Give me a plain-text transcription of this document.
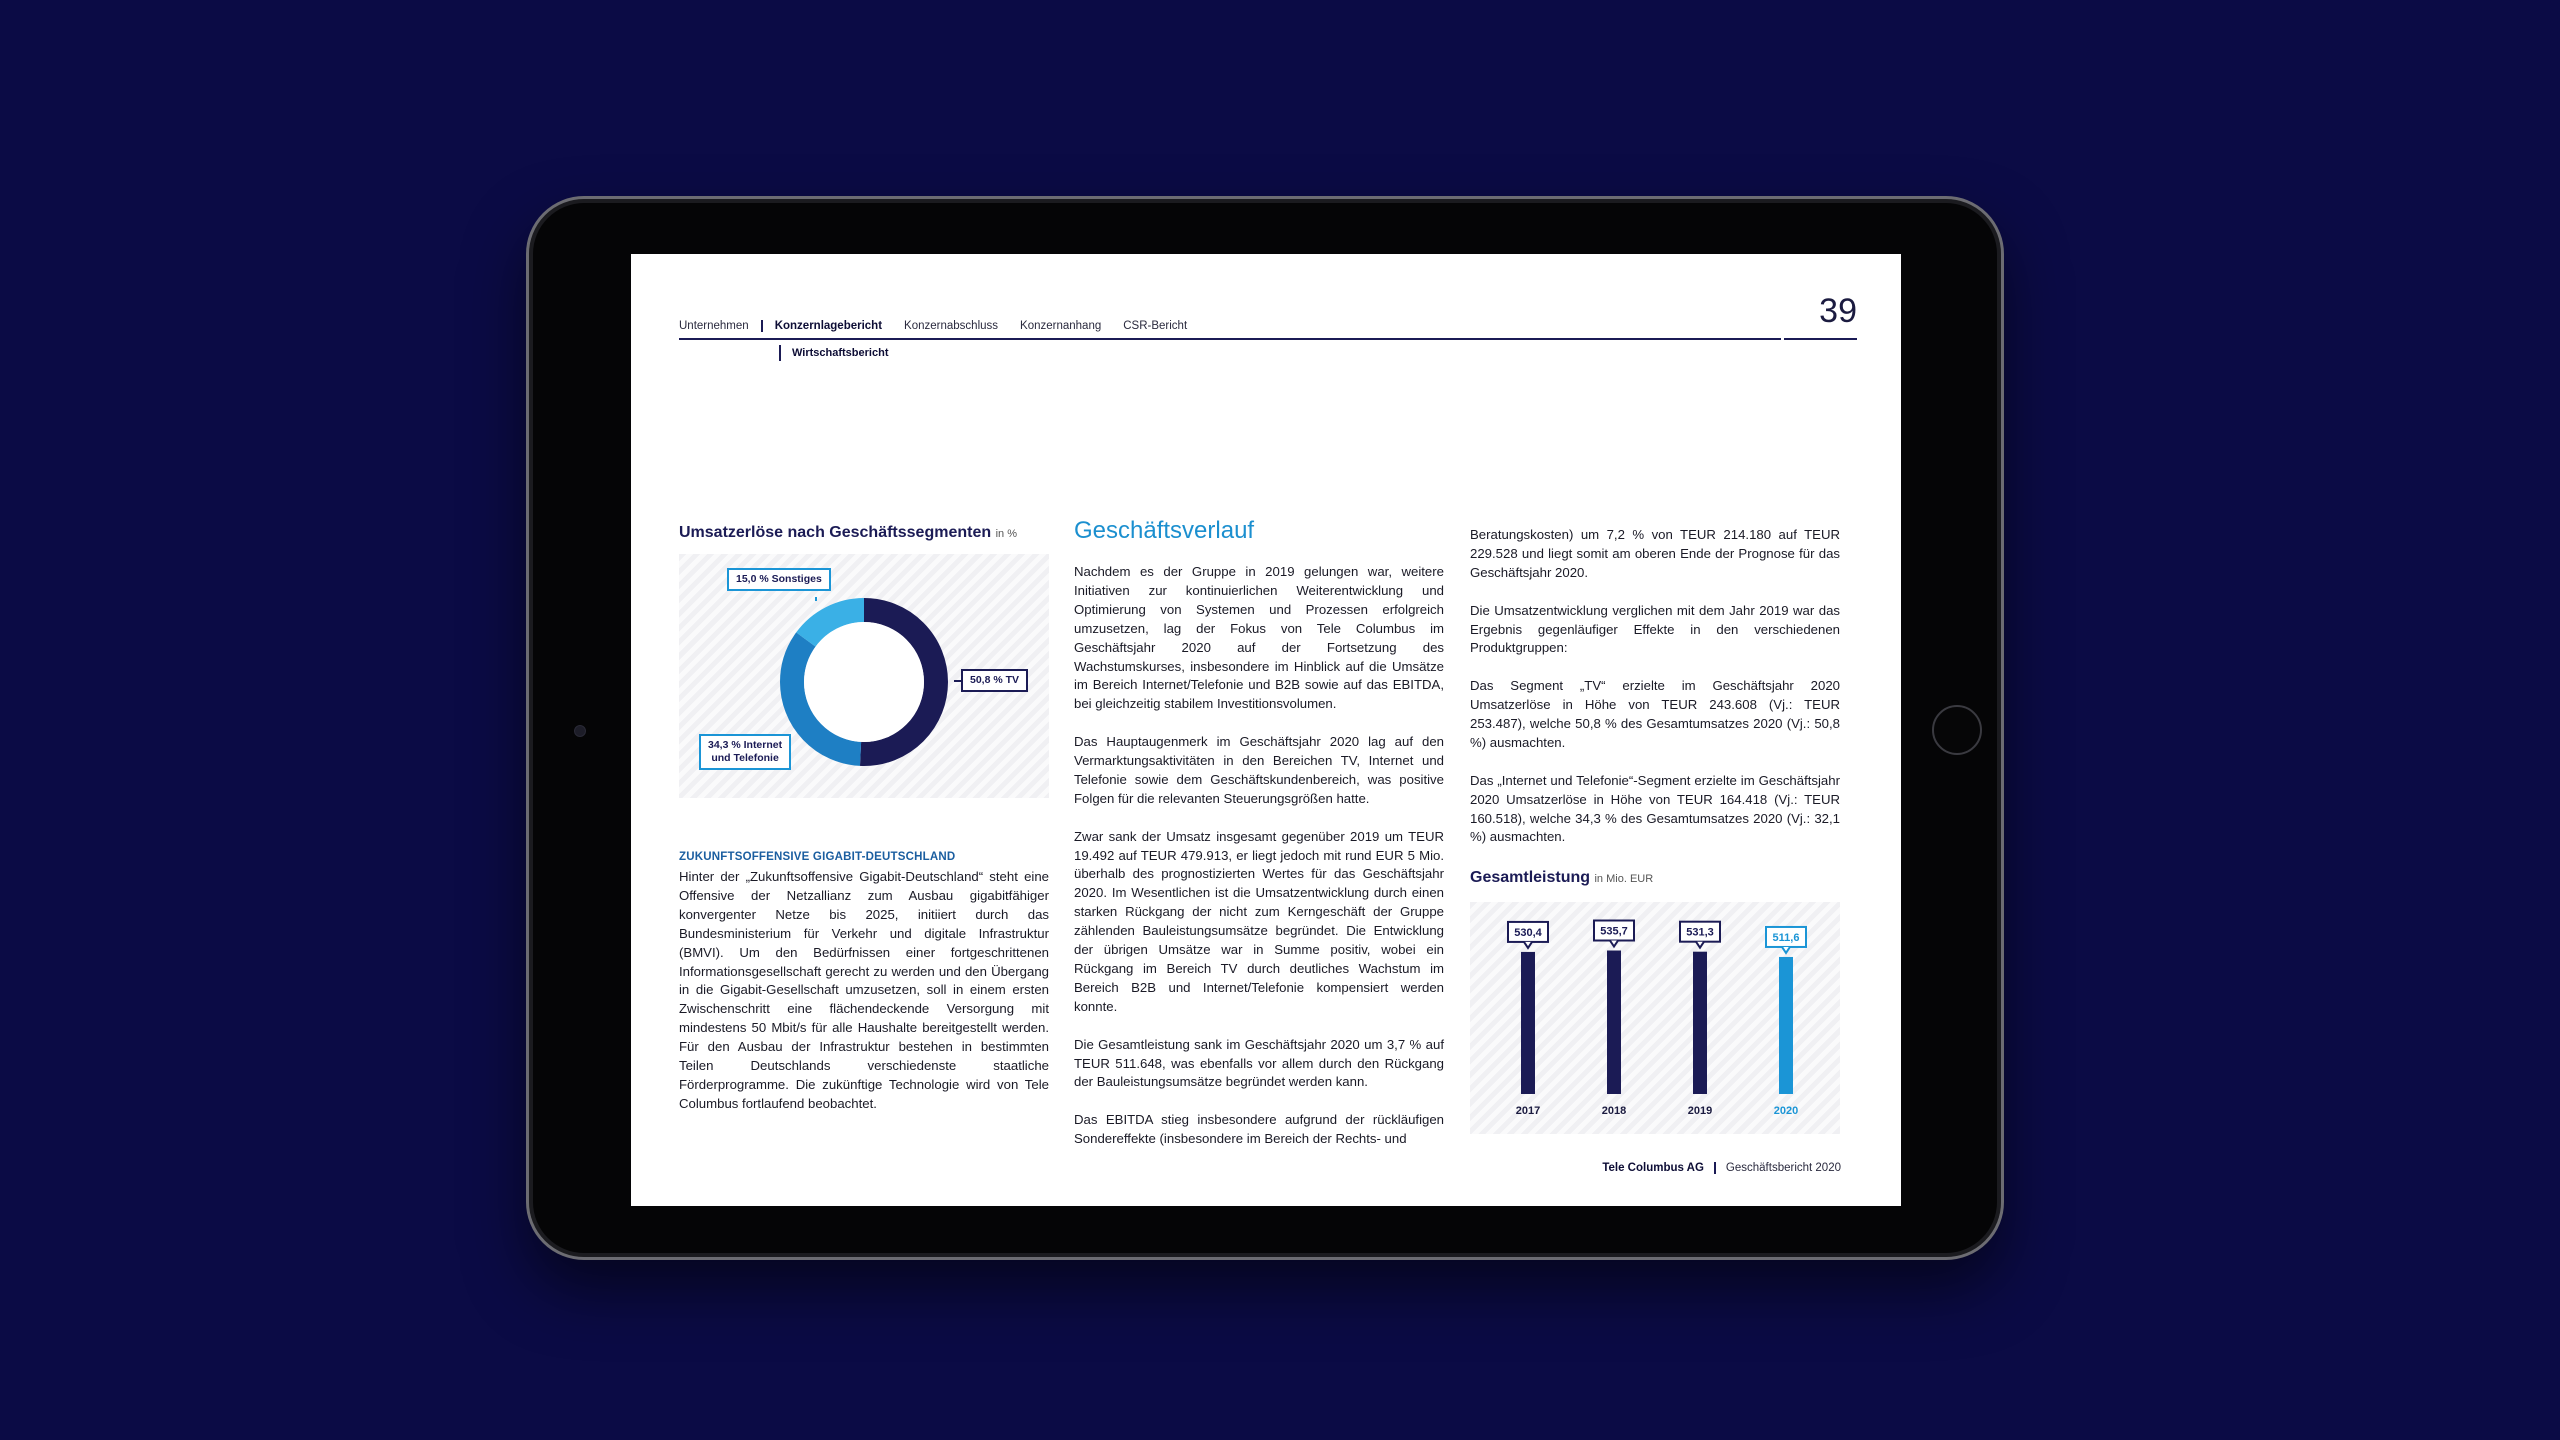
Unternehmen	Konzernlagebericht Konzernabschluss Konzernanhang CSR-Bericht	39
Wirtschaftsbericht
Umsatzerlöse nach Geschäftssegmenten in %
15,0 % Sonstiges
50,8 % TV
34,3 % Internet
und Telefonie
ZUKUNFTSOFFENSIVE GIGABIT-DEUTSCHLAND
Hinter der „Zukunftsoffensive Gigabit-Deutschland“ steht eine Offensive der Netzallianz zum Ausbau gigabitfähiger konvergenter Netze bis 2025, initiiert durch das Bundesministerium für Verkehr und digitale Infrastruktur (BMVI). Um den Bedürfnissen einer fortgeschrittenen Informationsgesellschaft gerecht zu werden und den Übergang in die Gigabit-Gesellschaft umzusetzen, soll in einem ersten Zwischenschritt eine flächendeckende Versorgung mit mindestens 50 Mbit/s für alle Haushalte bereitgestellt werden. Für den Ausbau der Infrastruktur bestehen in bestimmten Teilen Deutschlands verschiedenste staatliche Förderprogramme. Die zukünftige Technologie wird von Tele Columbus fortlaufend beobachtet.
Geschäftsverlauf

Nachdem es der Gruppe in 2019 gelungen war, weitere Initiativen zur kontinuierlichen Weiterentwicklung und Optimierung von Systemen und Prozessen erfolgreich umzusetzen, lag der Fokus von Tele Columbus im Geschäftsjahr 2020 auf der Fortsetzung des Wachstumskurses, insbesondere im Hinblick auf die Umsätze im Bereich Internet/Telefonie und B2B sowie auf das EBITDA, bei gleichzeitig stabilem Investitionsvolumen.

Das Hauptaugenmerk im Geschäftsjahr 2020 lag auf den Vermarktungsaktivitäten in den Bereichen TV, Internet und Telefonie sowie dem Geschäftskundenbereich, was positive Folgen für die relevanten Steuerungsgrößen hatte.

Zwar sank der Umsatz insgesamt gegenüber 2019 um TEUR 19.492 auf TEUR 479.913, er liegt jedoch mit rund EUR 5 Mio. überhalb des prognostizierten Wertes für das Geschäftsjahr 2020. Im Wesentlichen ist die Umsatzentwicklung durch einen starken Rückgang der nicht zum Kerngeschäft der Gruppe zählenden Bauleistungsumsätze begründet. Die Entwicklung der übrigen Umsätze war in Summe positiv, wobei ein Rückgang im Bereich TV durch deutliches Wachstum im Bereich B2B und Internet/Telefonie kompensiert werden konnte.

Die Gesamtleistung sank im Geschäftsjahr 2020 um 3,7 % auf TEUR 511.648, was ebenfalls vor allem durch den Rückgang der Bauleistungsumsätze begründet werden kann.

Das EBITDA stieg insbesondere aufgrund der rückläufigen Sondereffekte (insbesondere im Bereich der Rechts- und

Beratungskosten) um 7,2 % von TEUR 214.180 auf TEUR 229.528 und liegt somit am oberen Ende der Prognose für das Geschäftsjahr 2020.

Die Umsatzentwicklung verglichen mit dem Jahr 2019 war das Ergebnis gegenläufiger Effekte in den verschiedenen Produktgruppen:

Das Segment „TV“ erzielte im Geschäftsjahr 2020 Umsatzerlöse in Höhe von TEUR 243.608 (Vj.: TEUR 253.487), welche 50,8 % des Gesamtumsatzes 2020 (Vj.: 50,8 %) ausmachten.

Das „Internet und Telefonie“-Segment erzielte im Geschäftsjahr 2020 Umsatzerlöse in Höhe von TEUR 164.418 (Vj.: TEUR 160.518), welche 34,3 % des Gesamtumsatzes 2020 (Vj.: 32,1 %) ausmachten.

Gesamtleistung in Mio. EUR
530,4
2017
535,7
2018
531,3
2019
511,6
2020
Tele Columbus AG	Geschäftsbericht 2020
